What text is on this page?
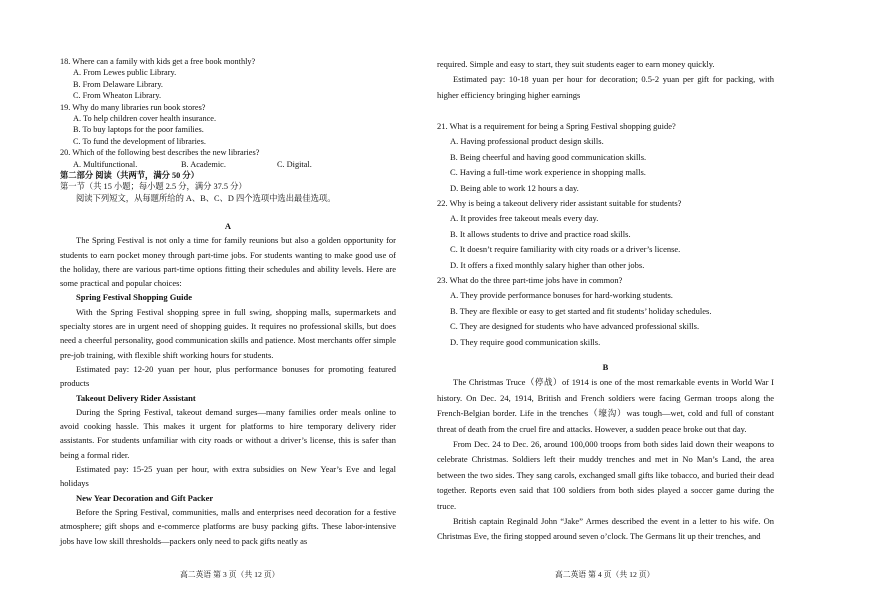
18. Where can a family with kids get a free book monthly?
A. From Lewes public Library.
B. From Delaware Library.
C. From Wheaton Library.
19. Why do many libraries run book stores?
A. To help children cover health insurance.
B. To buy laptops for the poor families.
C. To fund the development of libraries.
20. Which of the following best describes the new libraries?
A. Multifunctional.	B. Academic.	C. Digital.
第二部分 阅读（共两节，满分 50 分）
第一节（共 15 小题；每小题 2.5 分，满分 37.5 分）
阅读下列短文，从每题所给的 A、B、C、D 四个选项中选出最佳选项。
A
The Spring Festival is not only a time for family reunions but also a golden opportunity for students to earn pocket money through part-time jobs. For students wanting to make good use of the holiday, there are various part-time options fitting their schedules and ability levels. Here are some practical and popular choices:
Spring Festival Shopping Guide
With the Spring Festival shopping spree in full swing, shopping malls, supermarkets and specialty stores are in urgent need of shopping guides. It requires no professional skills, but does need a cheerful personality, good communication skills and patience. Most merchants offer simple pre-job training, with flexible shift working hours for students.
Estimated pay: 12-20 yuan per hour, plus performance bonuses for promoting featured products
Takeout Delivery Rider Assistant
During the Spring Festival, takeout demand surges—many families order meals online to avoid cooking hassle. This makes it urgent for platforms to hire temporary delivery rider assistants. For students unfamiliar with city roads or without a driver’s license, this is safer than being a formal rider.
Estimated pay: 15-25 yuan per hour, with extra subsidies on New Year’s Eve and legal holidays
New Year Decoration and Gift Packer
Before the Spring Festival, communities, malls and enterprises need decoration for a festive atmosphere; gift shops and e-commerce platforms are busy packing gifts. These labor-intensive jobs have low skill thresholds—packers only need to pack gifts neatly as
required. Simple and easy to start, they suit students eager to earn money quickly.
Estimated pay: 10-18 yuan per hour for decoration; 0.5-2 yuan per gift for packing, with higher efficiency bringing higher earnings
21. What is a requirement for being a Spring Festival shopping guide?
A. Having professional product design skills.
B. Being cheerful and having good communication skills.
C. Having a full-time work experience in shopping malls.
D. Being able to work 12 hours a day.
22. Why is being a takeout delivery rider assistant suitable for students?
A. It provides free takeout meals every day.
B. It allows students to drive and practice road skills.
C. It doesn’t require familiarity with city roads or a driver’s license.
D. It offers a fixed monthly salary higher than other jobs.
23. What do the three part-time jobs have in common?
A. They provide performance bonuses for hard-working students.
B. They are flexible or easy to get started and fit students’ holiday schedules.
C. They are designed for students who have advanced professional skills.
D. They require good communication skills.
B
The Christmas Truce（停战）of 1914 is one of the most remarkable events in World War I history. On Dec. 24, 1914, British and French soldiers were facing German troops along the French-Belgian border. Life in the trenches（壕沟）was tough—wet, cold and full of constant threat of death from the cruel fire and attacks. However, a sudden peace broke out that day.
From Dec. 24 to Dec. 26, around 100,000 troops from both sides laid down their weapons to celebrate Christmas. Soldiers left their muddy trenches and met in No Man’s Land, the area between the two sides. They sang carols, exchanged small gifts like tobacco, and buried their dead together. Reports even said that 100 soldiers from both sides played a soccer game during the truce.
British captain Reginald John “Jake” Armes described the event in a letter to his wife. On Christmas Eve, the firing stopped around seven o’clock. The Germans lit up their trenches, and
高二英语 第 3 页（共 12 页）	高二英语 第 4 页（共 12 页）
